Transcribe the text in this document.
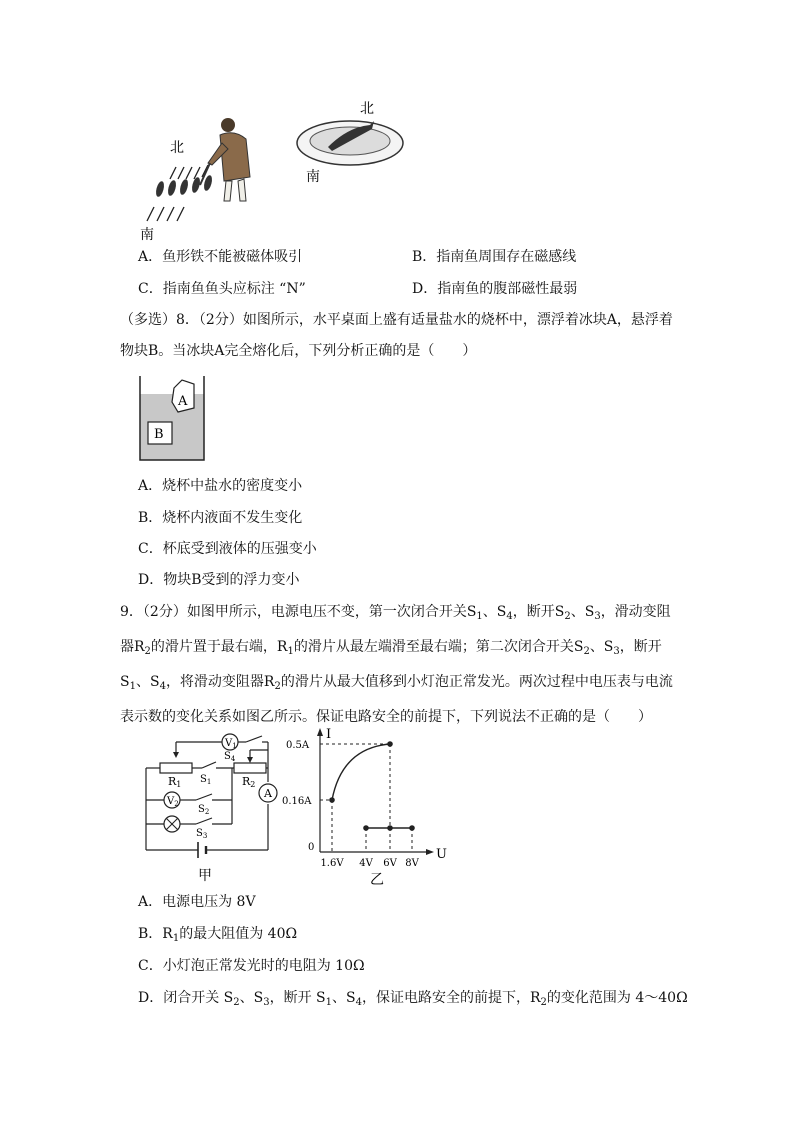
北
南
北
南
A．鱼形铁不能被磁体吸引	B．指南鱼周围存在磁感线
C．指南鱼鱼头应标注 “N”	D．指南鱼的腹部磁性最弱
（多选）8．（2分）如图所示，水平桌面上盛有适量盐水的烧杯中，漂浮着冰块A，悬浮着物块B。当冰块A完全熔化后，下列分析正确的是（　　）
A
B
A．烧杯中盐水的密度变小
B．烧杯内液面不发生变化
C．杯底受到液体的压强变小
D．物块B受到的浮力变小
9．（2分）如图甲所示，电源电压不变，第一次闭合开关$S_1$、$S_4$，断开$S_2$、$S_3$，滑动变阻器$R_2$的滑片置于最右端，$R_1$的滑片从最左端滑至最右端；第二次闭合开关$S_2$、$S_3$，断开$S_1$、$S_4$，将滑动变阻器$R_2$的滑片从最大值移到小灯泡正常发光。两次过程中电压表与电流表示数的变化关系如图乙所示。保证电路安全的前提下，下列说法不正确的是（　　）
$V_1$
$S_4$
R1 $S_1$	R2
A
$V_2$ $S_2$
$S_3$
甲
I
U
0
0.5A
0.16A
1.6V 4V 6V 8V
乙
A．电源电压为 8V
B．$R_1$的最大阻值为 40Ω
C．小灯泡正常发光时的电阻为 10Ω
D．闭合开关 $S_2$、$S_3$，断开 $S_1$、$S_4$，保证电路安全的前提下，$R_2$的变化范围为 4～40Ω
